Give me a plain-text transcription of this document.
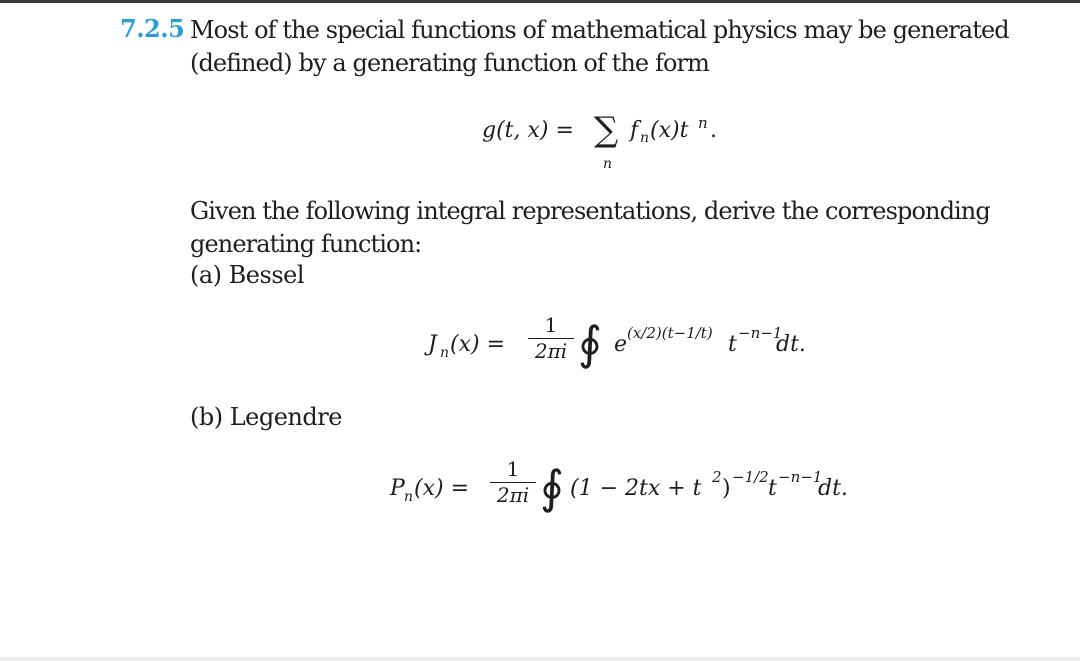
7.2.5 Most of the special functions of mathematical physics may be generated
(defined) by a generating function of the form
g(t, x) = ∑
n
f n (x)t n .
Given the following integral representations, derive the corresponding
generating function:
(a) Bessel
J n $(x) = \frac{1}{2\pi i}$ ∮ e (x/2)(t−1/t) t −n−1
dt.
(b) Legendre
P n $(x) = \frac{1}{2\pi i}$ ∮ (1 − 2tx + t 2 ) −1/2 t −n−1
dt.
